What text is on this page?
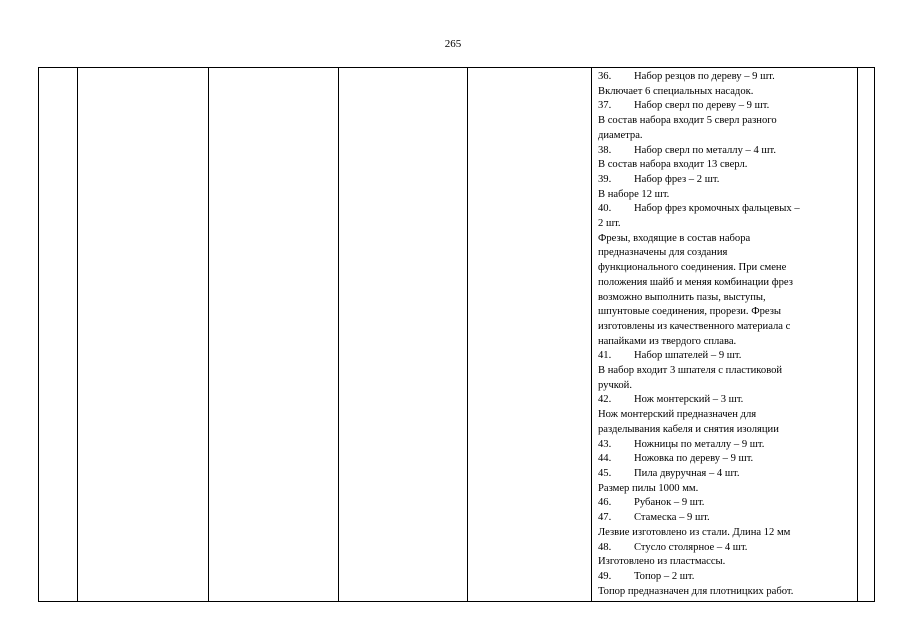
265

36. Набор резцов по дереву – 9 шт.
Включает 6 специальных насадок.
37. Набор сверл по дереву – 9 шт.
В состав набора входит 5 сверл разного
диаметра.
38. Набор сверл по металлу – 4 шт.
В состав набора входит 13 сверл.
39. Набор фрез – 2 шт.
В наборе 12 шт.
40. Набор фрез кромочных фальцевых –
2 шт.
Фрезы, входящие в состав набора
предназначены для создания
функционального соединения. При смене
положения шайб и меняя комбинации фрез
возможно выполнить пазы, выступы,
шпунтовые соединения, прорези. Фрезы
изготовлены из качественного материала с
напайками из твердого сплава.
41. Набор шпателей – 9 шт.
В набор входит 3 шпателя с пластиковой
ручкой.
42. Нож монтерский – 3 шт.
Нож монтерский предназначен для
разделывания кабеля и снятия изоляции
43. Ножницы по металлу – 9 шт.
44. Ножовка по дереву – 9 шт.
45. Пила двуручная – 4 шт.
Размер пилы 1000 мм.
46. Рубанок – 9 шт.
47. Стамеска – 9 шт.
Лезвие изготовлено из стали. Длина 12 мм
48. Стусло столярное – 4 шт.
Изготовлено из пластмассы.
49. Топор – 2 шт.
Топор предназначен для плотницких работ.
